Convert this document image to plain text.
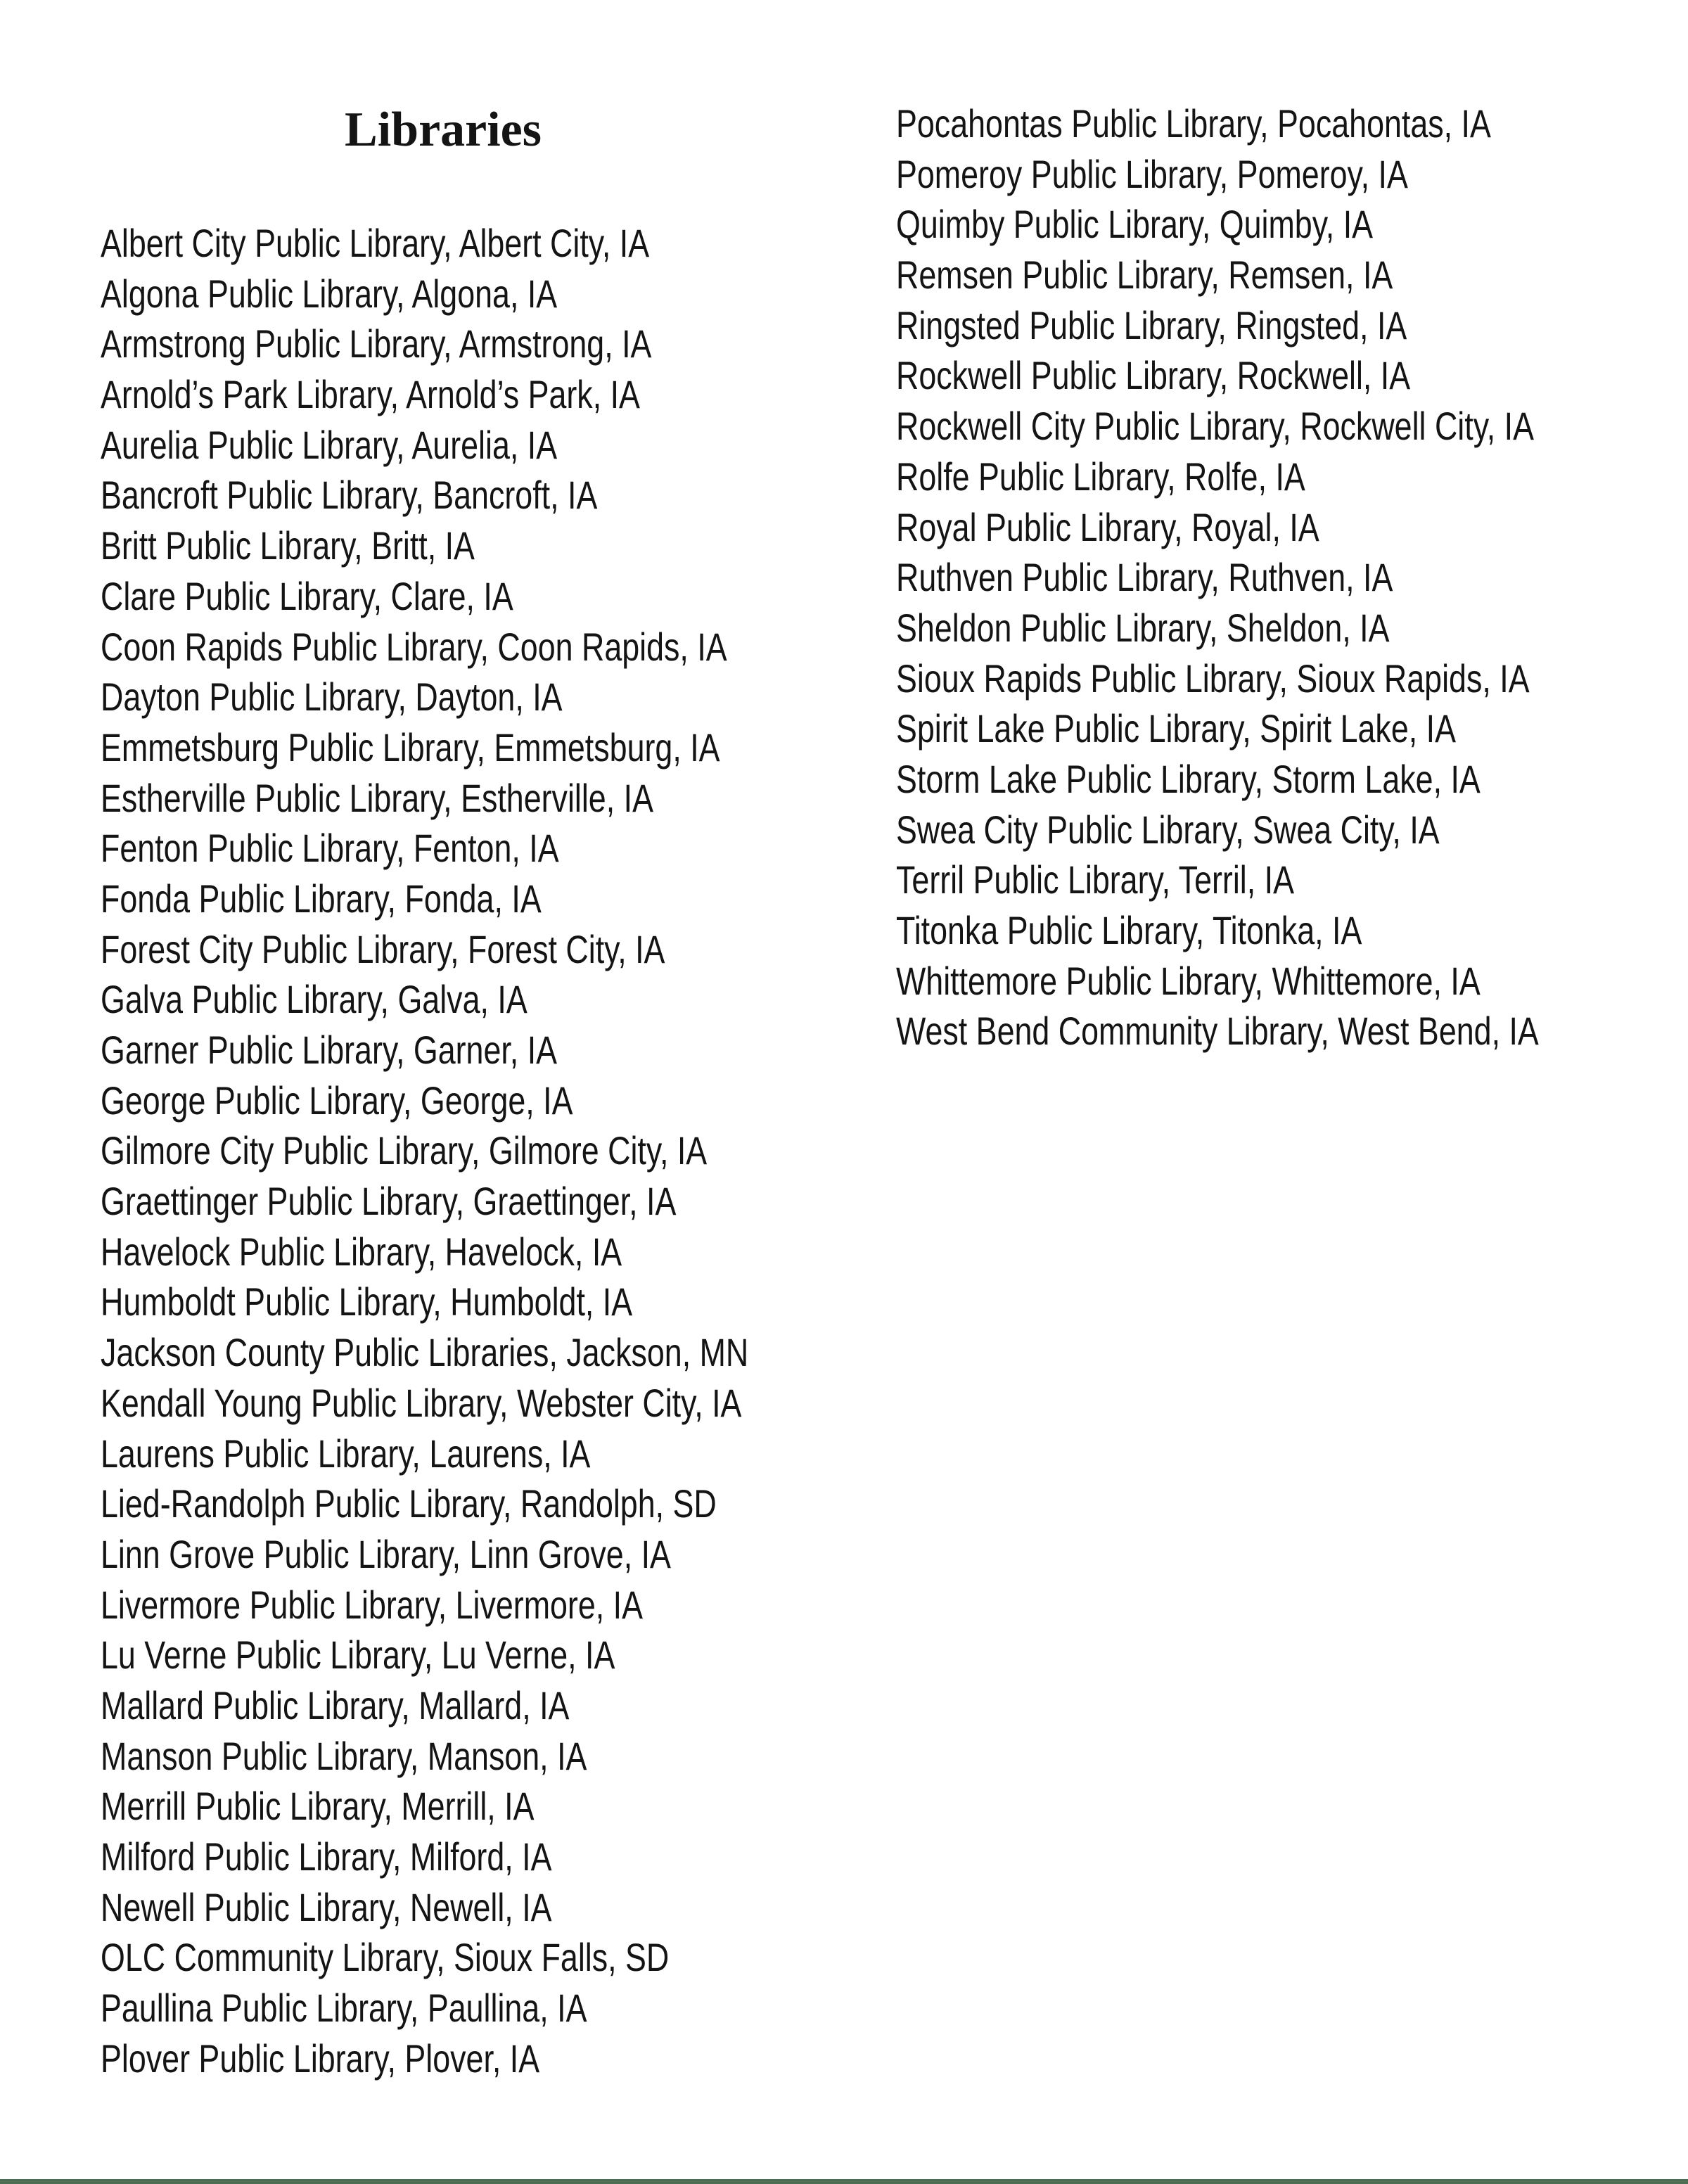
Libraries
Albert City Public Library, Albert City, IA
Algona Public Library, Algona, IA
Armstrong Public Library, Armstrong, IA
Arnold’s Park Library, Arnold’s Park, IA
Aurelia Public Library, Aurelia, IA
Bancroft Public Library, Bancroft, IA
Britt Public Library, Britt, IA
Clare Public Library, Clare, IA
Coon Rapids Public Library, Coon Rapids, IA
Dayton Public Library, Dayton, IA
Emmetsburg Public Library, Emmetsburg, IA
Estherville Public Library, Estherville, IA
Fenton Public Library, Fenton, IA
Fonda Public Library, Fonda, IA
Forest City Public Library, Forest City, IA
Galva Public Library, Galva, IA
Garner Public Library, Garner, IA
George Public Library, George, IA
Gilmore City Public Library, Gilmore City, IA
Graettinger Public Library, Graettinger, IA
Havelock Public Library, Havelock, IA
Humboldt Public Library, Humboldt, IA
Jackson County Public Libraries, Jackson, MN
Kendall Young Public Library, Webster City, IA
Laurens Public Library, Laurens, IA
Lied-Randolph Public Library, Randolph, SD
Linn Grove Public Library, Linn Grove, IA
Livermore Public Library, Livermore, IA
Lu Verne Public Library, Lu Verne, IA
Mallard Public Library, Mallard, IA
Manson Public Library, Manson, IA
Merrill Public Library, Merrill, IA
Milford Public Library, Milford, IA
Newell Public Library, Newell, IA
OLC Community Library, Sioux Falls, SD
Paullina Public Library, Paullina, IA
Plover Public Library, Plover, IA
Pocahontas Public Library, Pocahontas, IA
Pomeroy Public Library, Pomeroy, IA
Quimby Public Library, Quimby, IA
Remsen Public Library, Remsen, IA
Ringsted Public Library, Ringsted, IA
Rockwell Public Library, Rockwell, IA
Rockwell City Public Library, Rockwell City, IA
Rolfe Public Library, Rolfe, IA
Royal Public Library, Royal, IA
Ruthven Public Library, Ruthven, IA
Sheldon Public Library, Sheldon, IA
Sioux Rapids Public Library, Sioux Rapids, IA
Spirit Lake Public Library, Spirit Lake, IA
Storm Lake Public Library, Storm Lake, IA
Swea City Public Library, Swea City, IA
Terril Public Library, Terril, IA
Titonka Public Library, Titonka, IA
Whittemore Public Library, Whittemore, IA
West Bend Community Library, West Bend, IA
